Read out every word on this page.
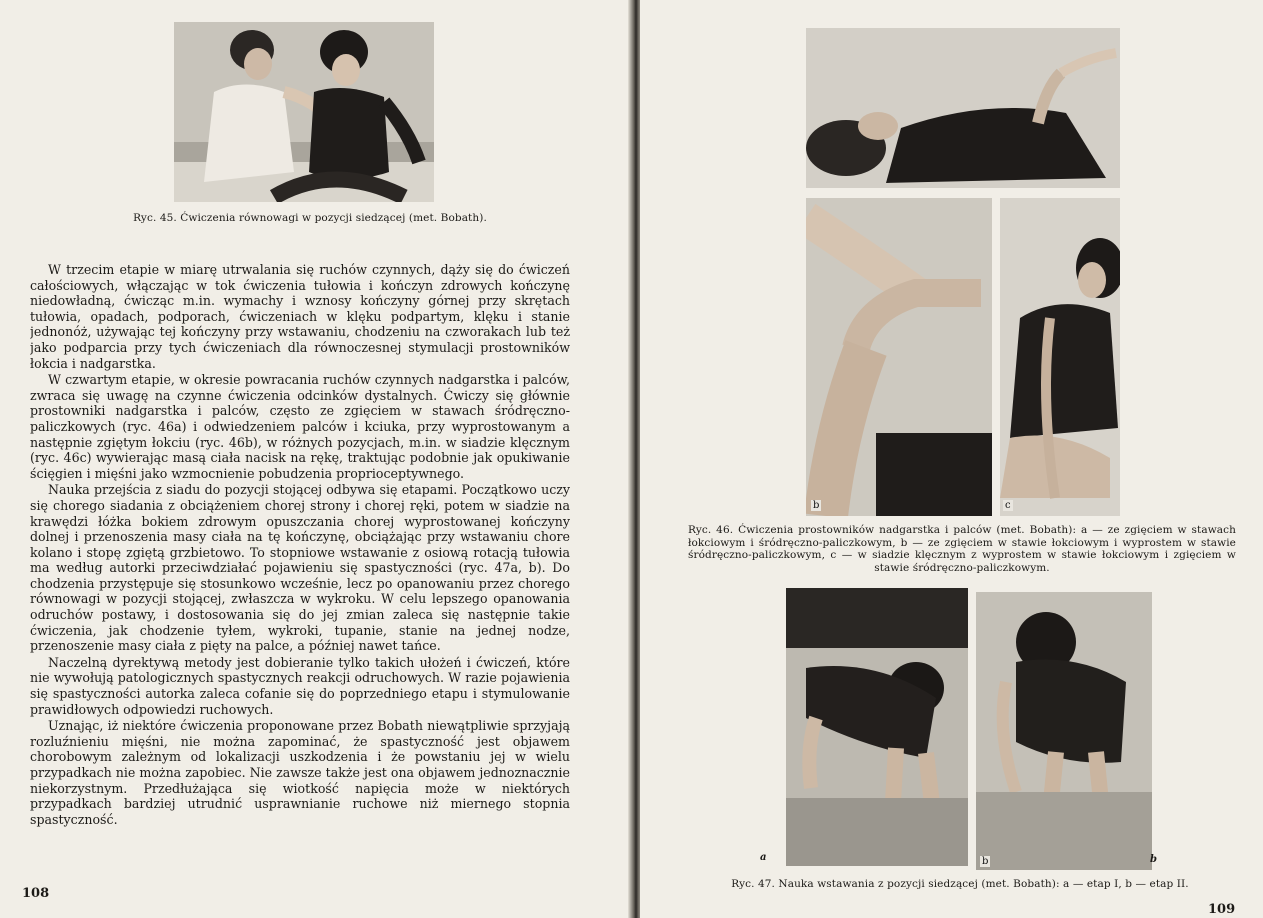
Ryc. 45. Ćwiczenia równowagi w pozycji siedzącej (met. Bobath).

W trzecim etapie w miarę utrwalania się ruchów czynnych, dąży się do ćwiczeń całościowych, włączając w tok ćwiczenia tułowia i kończyn zdrowych kończynę niedowładną, ćwicząc m.in. wymachy i wznosy kończyny górnej przy skrętach tułowia, opadach, podporach, ćwiczeniach w klęku podpartym, klęku i stanie jednonóż, używając tej kończyny przy wstawaniu, chodzeniu na czworakach lub też jako podparcia przy tych ćwiczeniach dla równoczesnej stymulacji prostowników łokcia i nadgarstka.

W czwartym etapie, w okresie powracania ruchów czynnych nadgarstka i palców, zwraca się uwagę na czynne ćwiczenia odcinków dystalnych. Ćwiczy się głównie prostowniki nadgarstka i palców, często ze zgięciem w stawach śródręczno-paliczkowych (ryc. 46a) i odwiedzeniem palców i kciuka, przy wyprostowanym a następnie zgiętym łokciu (ryc. 46b), w różnych pozycjach, m.in. w siadzie klęcznym (ryc. 46c) wywierając masą ciała nacisk na rękę, traktując podobnie jak opukiwanie ścięgien i mięśni jako wzmocnienie pobudzenia proprioceptywnego.

Nauka przejścia z siadu do pozycji stojącej odbywa się etapami. Początkowo uczy się chorego siadania z obciążeniem chorej strony i chorej ręki, potem w siadzie na krawędzi łóżka bokiem zdrowym opuszczania chorej wyprostowanej kończyny dolnej i przenoszenia masy ciała na tę kończynę, obciążając przy wstawaniu chore kolano i stopę zgiętą grzbietowo. To stopniowe wstawanie z osiową rotacją tułowia ma według autorki przeciwdziałać pojawieniu się spastyczności (ryc. 47a, b). Do chodzenia przystępuje się stosunkowo wcześnie, lecz po opanowaniu przez chorego równowagi w pozycji stojącej, zwłaszcza w wykroku. W celu lepszego opanowania odruchów postawy, i dostosowania się do jej zmian zaleca się następnie takie ćwiczenia, jak chodzenie tyłem, wykroki, tupanie, stanie na jednej nodze, przenoszenie masy ciała z pięty na palce, a później nawet tańce.

Naczelną dyrektywą metody jest dobieranie tylko takich ułożeń i ćwiczeń, które nie wywołują patologicznych spastycznych reakcji odruchowych. W razie pojawienia się spastyczności autorka zaleca cofanie się do poprzedniego etapu i stymulowanie prawidłowych odpowiedzi ruchowych.

Uznając, iż niektóre ćwiczenia proponowane przez Bobath niewątpliwie sprzyjają rozluźnieniu mięśni, nie można zapominać, że spastyczność jest objawem chorobowym zależnym od lokalizacji uszkodzenia i że powstaniu jej w wielu przypadkach nie można zapobiec. Nie zawsze także jest ona objawem jednoznacznie niekorzystnym. Przedłużająca się wiotkość napięcia może w niektórych przypadkach bardziej utrudnić usprawnianie ruchowe niż miernego stopnia spastyczność.

108
b	c

Ryc. 46. Ćwiczenia prostowników nadgarstka i palców (met. Bobath): a — ze zgięciem w stawach łokciowym i śródręczno-paliczkowym, b — ze zgięciem w stawie łokciowym i wyprostem w stawie śródręczno-paliczkowym, c — w siadzie klęcznym z wyprostem w stawie łokciowym i zgięciem w stawie śródręczno-paliczkowym.

a	b	b

Ryc. 47. Nauka wstawania z pozycji siedzącej (met. Bobath): a — etap I, b — etap II.

109
